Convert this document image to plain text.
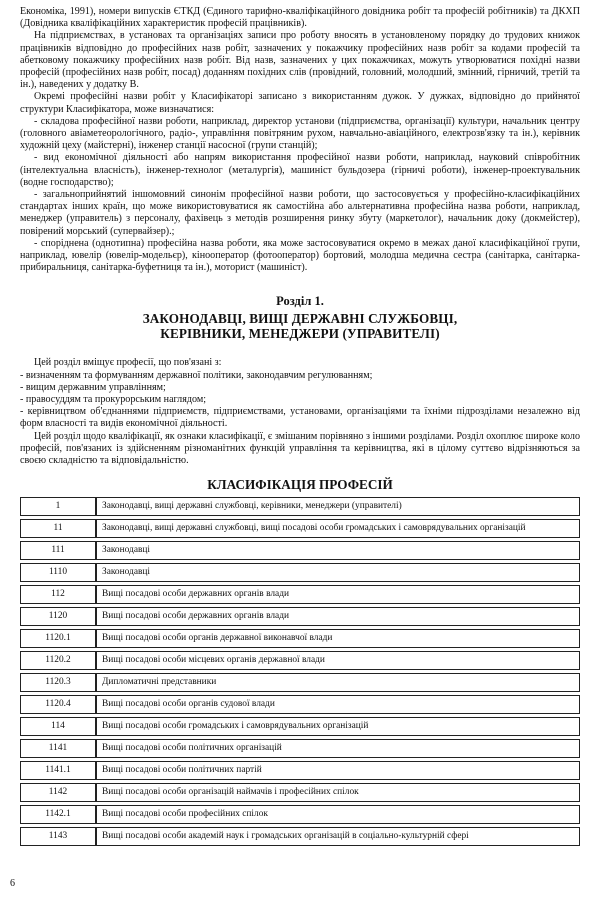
Економіка, 1991), номери випусків ЄТКД (Єдиного тарифно-кваліфікаційного довідника робіт та професій робітників) та ДКХП (Довідника кваліфікаційних характеристик професій працівників).

На підприємствах, в установах та організаціях записи про роботу вносять в установленому порядку до трудових книжок працівників відповідно до професійних назв робіт, зазначених у покажчику професійних назв робіт за кодами професій та абетковому покажчику професійних назв робіт. Від назв, зазначених у цих покажчиках, можуть утворюватися похідні назви професій (професійних назв робіт, посад) доданням похідних слів (провідний, головний, молодший, змінний, гірничий, третій та ін.), наведених у додатку В.

Окремі професійні назви робіт у Класифікаторі записано з використанням дужок. У дужках, відповідно до прийнятої структури Класифікатора, може визначатися:

- складова професійної назви роботи, наприклад, директор установи (підприємства, організації) культури, начальник центру (головного авіаметеорологічного, радіо-, управління повітряним рухом, навчально-авіаційного, електрозв'язку та ін.), керівник художній цеху (майстерні), інженер станції насосної (групи станцій);

- вид економічної діяльності або напрям використання професійної назви роботи, наприклад, науковий співробітник (інтелектуальна власність), інженер-технолог (металургія), машиніст бульдозера (гірничі роботи), інженер-проектувальник (водне господарство);

- загальноприйнятий іншомовний синонім професійної назви роботи, що застосовується у професійно-класифікаційних стандартах інших країн, що може використовуватися як самостійна або альтернативна професійна назва роботи, наприклад, менеджер (управитель) з персоналу, фахівець з методів розширення ринку збуту (маркетолог), начальник доку (докмейстер), повірений морський (супервайзер).;

- споріднена (однотипна) професійна назва роботи, яка може застосовуватися окремо в межах даної класифікаційної групи, наприклад, ювелір (ювелір-модельєр), кінооператор (фотооператор) бортовий, молодша медична сестра (санітарка, санітарка-прибиральниця, санітарка-буфетниця та ін.), моторист (машиніст).

Розділ 1.
ЗАКОНОДАВЦІ, ВИЩІ ДЕРЖАВНІ СЛУЖБОВЦІ,
КЕРІВНИКИ, МЕНЕДЖЕРИ (УПРАВИТЕЛІ)

Цей розділ вміщує професії, що пов'язані з:

- визначенням та формуванням державної політики, законодавчим регулюванням;

- вищим державним управлінням;

- правосуддям та прокурорським наглядом;

- керівництвом об'єднаннями підприємств, підприємствами, установами, організаціями та їхніми підрозділами незалежно від форм власності та видів економічної діяльності.

Цей розділ щодо кваліфікації, як ознаки класифікації, є змішаним порівняно з іншими розділами. Розділ охоплює широке коло професій, пов'язаних із здійсненням різноманітних функцій управління та керівництва, які в цілому суттєво відрізняються за своєю складністю та відповідальністю.

КЛАСИФІКАЦІЯ ПРОФЕСІЙ
1	Законодавці, вищі державні службовці, керівники, менеджери (управителі)
11	Законодавці, вищі державні службовці, вищі посадові особи громадських і самоврядувальних організацій
111	Законодавці
1110	Законодавці
112	Вищі посадові особи державних органів влади
1120	Вищі посадові особи державних органів влади
1120.1	Вищі посадові особи органів державної виконавчої влади
1120.2	Вищі посадові особи місцевих органів державної влади
1120.3	Дипломатичні представники
1120.4	Вищі посадові особи органів судової влади
114	Вищі посадові особи громадських і самоврядувальних організацій
1141	Вищі посадові особи політичних організацій
1141.1	Вищі посадові особи політичних партій
1142	Вищі посадові особи організацій наймачів і професійних спілок
1142.1	Вищі посадові особи професійних спілок
1143	Вищі посадові особи академій наук і громадських організацій в соціально-культурній сфері
6
